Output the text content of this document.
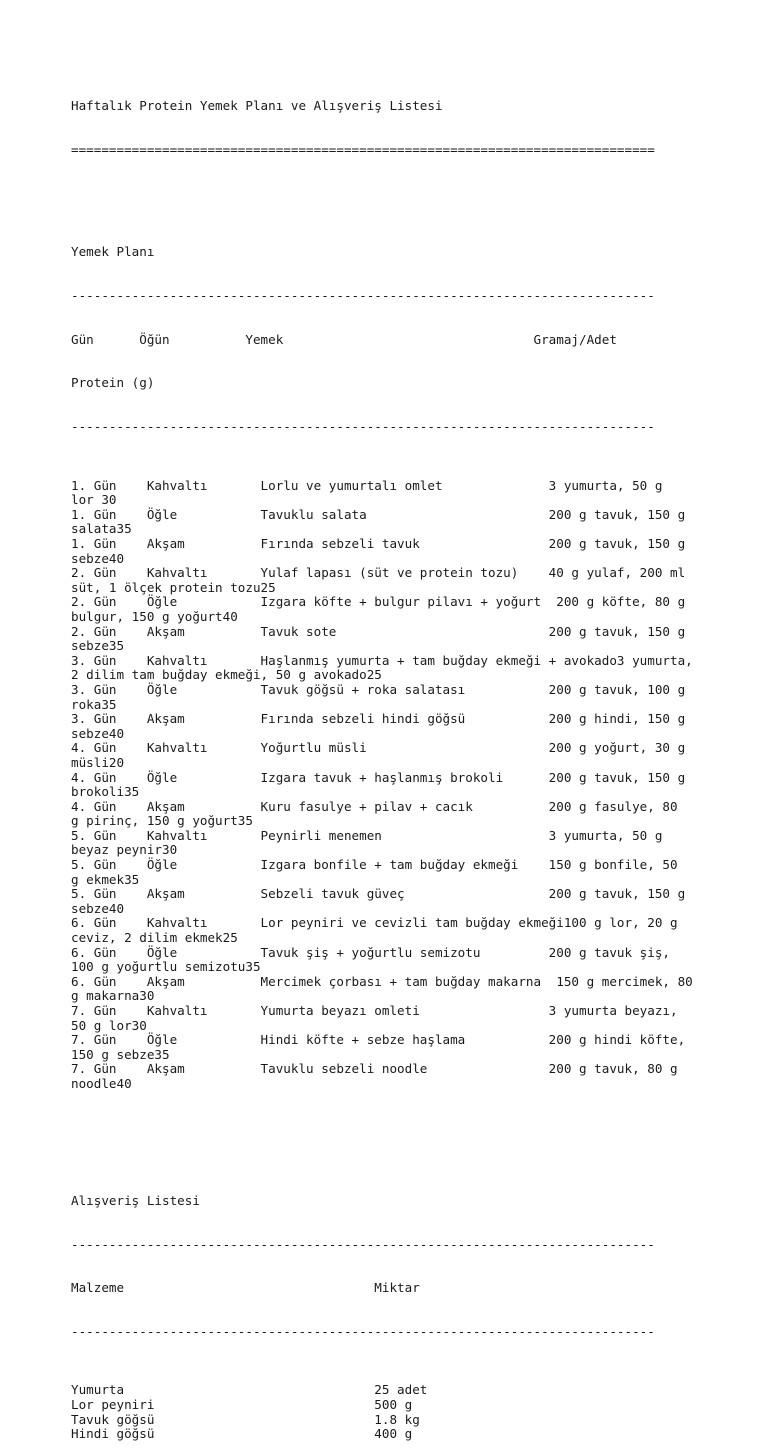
Haftalık Protein Yemek Planı ve Alışveriş Listesi

=============================================================================

Yemek Planı

-----------------------------------------------------------------------------

Gün      Öğün          Yemek                                 Gramaj/Adet

Protein (g)

-----------------------------------------------------------------------------

1. Gün    Kahvaltı       Lorlu ve yumurtalı omlet              3 yumurta, 50 g
lor 30
1. Gün    Öğle           Tavuklu salata                        200 g tavuk, 150 g
salata35
1. Gün    Akşam          Fırında sebzeli tavuk                 200 g tavuk, 150 g
sebze40
2. Gün    Kahvaltı       Yulaf lapası (süt ve protein tozu)    40 g yulaf, 200 ml
süt, 1 ölçek protein tozu25
2. Gün    Öğle           Izgara köfte + bulgur pilavı + yoğurt  200 g köfte, 80 g
bulgur, 150 g yoğurt40
2. Gün    Akşam          Tavuk sote                            200 g tavuk, 150 g
sebze35
3. Gün    Kahvaltı       Haşlanmış yumurta + tam buğday ekmeği + avokado3 yumurta,
2 dilim tam buğday ekmeği, 50 g avokado25
3. Gün    Öğle           Tavuk göğsü + roka salatası           200 g tavuk, 100 g
roka35
3. Gün    Akşam          Fırında sebzeli hindi göğsü           200 g hindi, 150 g
sebze40
4. Gün    Kahvaltı       Yoğurtlu müsli                        200 g yoğurt, 30 g
müsli20
4. Gün    Öğle           Izgara tavuk + haşlanmış brokoli      200 g tavuk, 150 g
brokoli35
4. Gün    Akşam          Kuru fasulye + pilav + cacık          200 g fasulye, 80
g pirinç, 150 g yoğurt35
5. Gün    Kahvaltı       Peynirli menemen                      3 yumurta, 50 g
beyaz peynir30
5. Gün    Öğle           Izgara bonfile + tam buğday ekmeği    150 g bonfile, 50
g ekmek35
5. Gün    Akşam          Sebzeli tavuk güveç                   200 g tavuk, 150 g
sebze40
6. Gün    Kahvaltı       Lor peyniri ve cevizli tam buğday ekmeği100 g lor, 20 g
ceviz, 2 dilim ekmek25
6. Gün    Öğle           Tavuk şiş + yoğurtlu semizotu         200 g tavuk şiş,
100 g yoğurtlu semizotu35
6. Gün    Akşam          Mercimek çorbası + tam buğday makarna  150 g mercimek, 80
g makarna30
7. Gün    Kahvaltı       Yumurta beyazı omleti                 3 yumurta beyazı,
50 g lor30
7. Gün    Öğle           Hindi köfte + sebze haşlama           200 g hindi köfte,
150 g sebze35
7. Gün    Akşam          Tavuklu sebzeli noodle                200 g tavuk, 80 g
noodle40

Alışveriş Listesi

-----------------------------------------------------------------------------

Malzeme                                 Miktar

-----------------------------------------------------------------------------

Yumurta                                 25 adet
Lor peyniri                             500 g
Tavuk göğsü                             1.8 kg
Hindi göğsü                             400 g
